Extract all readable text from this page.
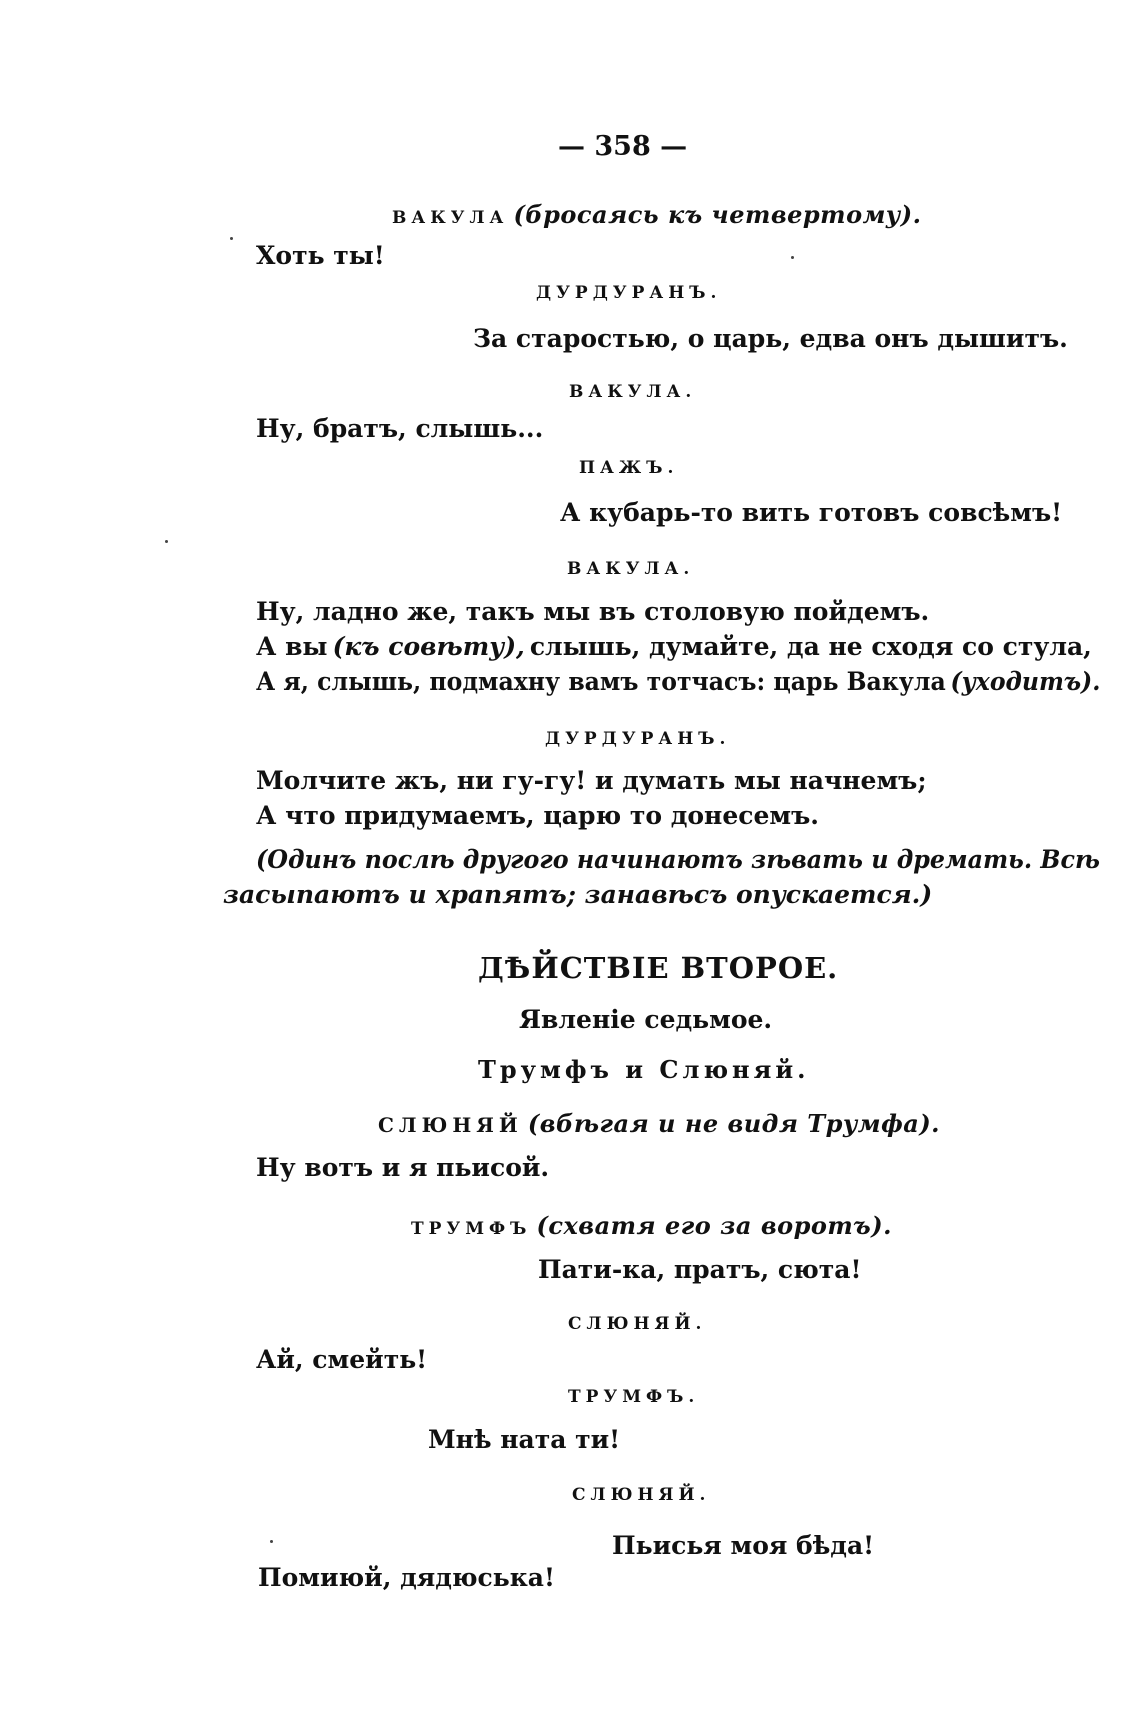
— 358 —
ВАКУЛА (бросаясь къ четвертому).
Хоть ты!
ДУРДУРАНЪ.
За старостью, о царь, едва онъ дышитъ.
ВАКУЛА.
Ну, братъ, слышь...
ПАЖЪ.
А кубарь-то вить готовъ совсѣмъ!
ВАКУЛА.
Ну, ладно же, такъ мы въ столовую пойдемъ.
А вы (къ совѣту), слышь, думайте, да не сходя со стула,
А я, слышь, подмахну вамъ тотчасъ: царь Вакула (уходитъ).
ДУРДУРАНЪ.
Молчите жъ, ни гу-гу! и думать мы начнемъ;
А что придумаемъ, царю то донесемъ.
(Одинъ послѣ другого начинаютъ зѣвать и дремать. Всѣ
засыпаютъ и храпятъ; занавѣсъ опускается.)
ДѢЙСТВІЕ ВТОРОЕ.
Явленіе седьмое.
Трумфъ и Слюняй.
СЛЮНЯЙ (вбѣгая и не видя Трумфа).
Ну вотъ и я пьисой.
ТРУМФЪ (схватя его за воротъ).
Пати-ка, пратъ, сюта!
СЛЮНЯЙ.
Ай, смейть!
ТРУМФЪ.
Мнѣ ната ти!
СЛЮНЯЙ.
Пьисья моя бѣда!
Помиюй, дядюська!
